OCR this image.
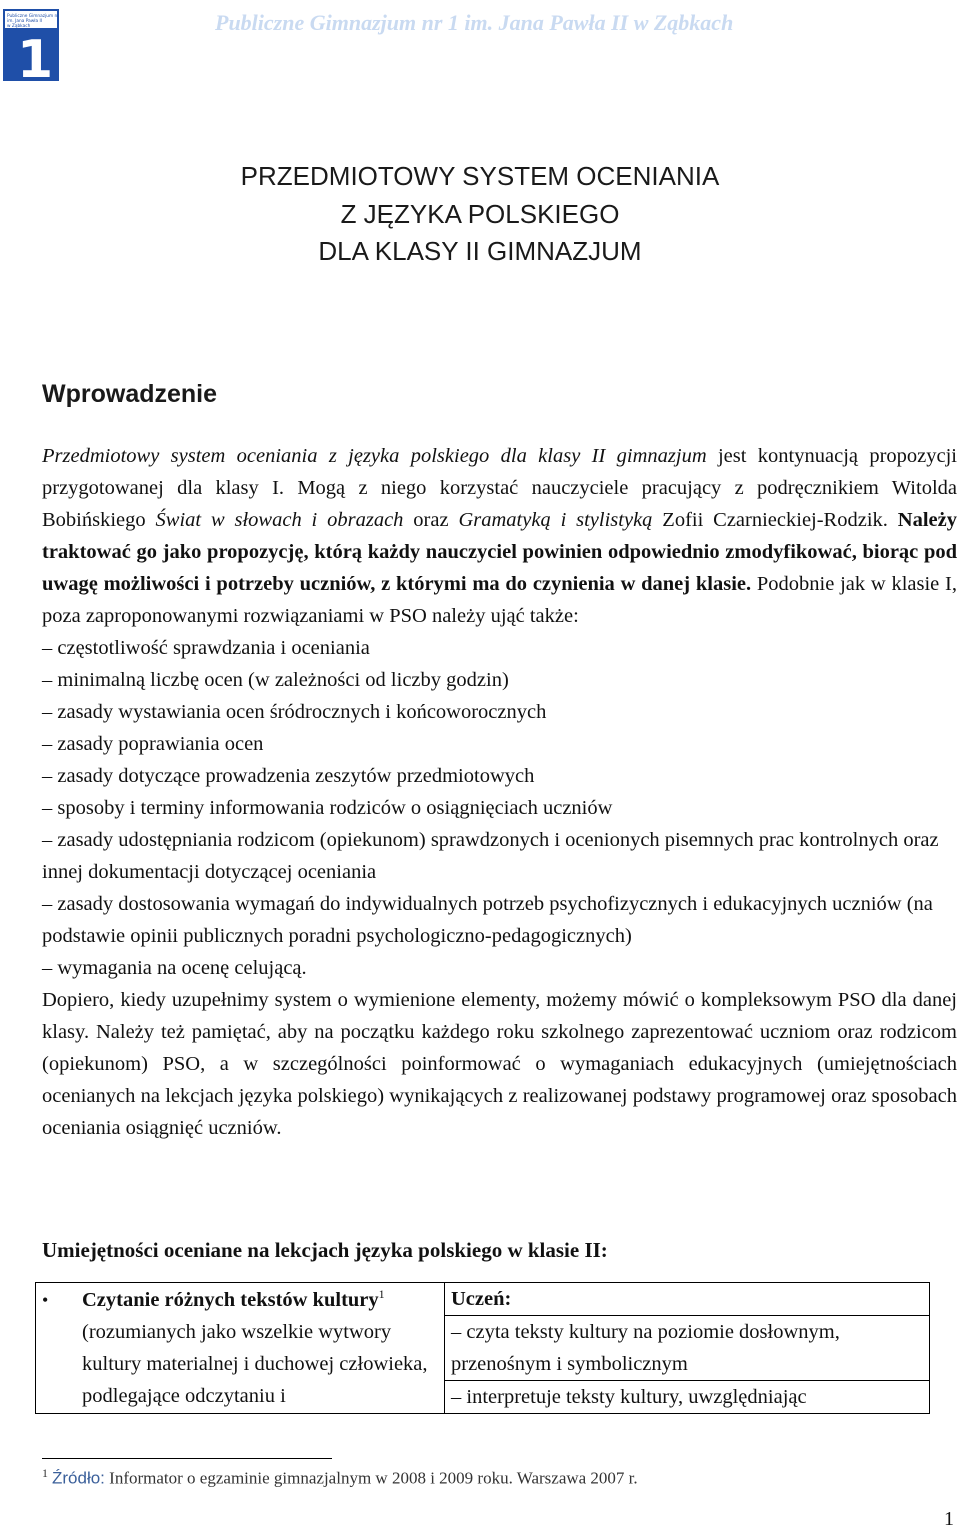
Publiczne Gimnazjum nr 1
im. Jana Pawła II
w Ząbkach
1
Publiczne Gimnazjum nr 1 im. Jana Pawła II w Ząbkach
PRZEDMIOTOWY SYSTEM OCENIANIA
Z JĘZYKA POLSKIEGO
DLA KLASY II GIMNAZJUM
Wprowadzenie

Przedmiotowy system oceniania z języka polskiego dla klasy II gimnazjum jest kontynuacją propozycji przygotowanej dla klasy I. Mogą z niego korzystać nauczyciele pracujący z podręcznikiem Witolda Bobińskiego Świat w słowach i obrazach oraz Gramatyką i stylistyką Zofii Czarnieckiej-Rodzik. Należy traktować go jako propozycję, którą każdy nauczyciel powinien odpowiednio zmodyfikować, biorąc pod uwagę możliwości i potrzeby uczniów, z którymi ma do czynienia w danej klasie. Podobnie jak w klasie I, poza zaproponowanymi rozwiązaniami w PSO należy ująć także:

– częstotliwość sprawdzania i oceniania
– minimalną liczbę ocen (w zależności od liczby godzin)
– zasady wystawiania ocen śródrocznych i końcoworocznych
– zasady poprawiania ocen
– zasady dotyczące prowadzenia zeszytów przedmiotowych
– sposoby i terminy informowania rodziców o osiągnięciach uczniów
– zasady udostępniania rodzicom (opiekunom) sprawdzonych i ocenionych pisemnych prac kontrolnych oraz innej dokumentacji dotyczącej oceniania
– zasady dostosowania wymagań do indywidualnych potrzeb psychofizycznych i edukacyjnych uczniów (na podstawie opinii publicznych poradni psychologiczno-pedagogicznych)
– wymagania na ocenę celującą.

Dopiero, kiedy uzupełnimy system o wymienione elementy, możemy mówić o kompleksowym PSO dla danej klasy. Należy też pamiętać, aby na początku każdego roku szkolnego zaprezentować uczniom oraz rodzicom (opiekunom) PSO, a w szczególności poinformować o wymaganiach edukacyjnych (umiejętnościach ocenianych na lekcjach języka polskiego) wynikających z realizowanej podstawy programowej oraz sposobach oceniania osiągnięć uczniów.

Umiejętności oceniane na lekcjach języka polskiego w klasie II:
•	Czytanie różnych tekstów kultury$^1$
(rozumianych jako wszelkie wytwory kultury materialnej i duchowej człowieka, podlegające odczytaniu i
	Uczeń:
– czyta teksty kultury na poziomie dosłownym, przenośnym i symbolicznym
– interpretuje teksty kultury, uwzględniając
$^1$ Źródło: Informator o egzaminie gimnazjalnym w 2008 i 2009 roku. Warszawa 2007 r.
1
